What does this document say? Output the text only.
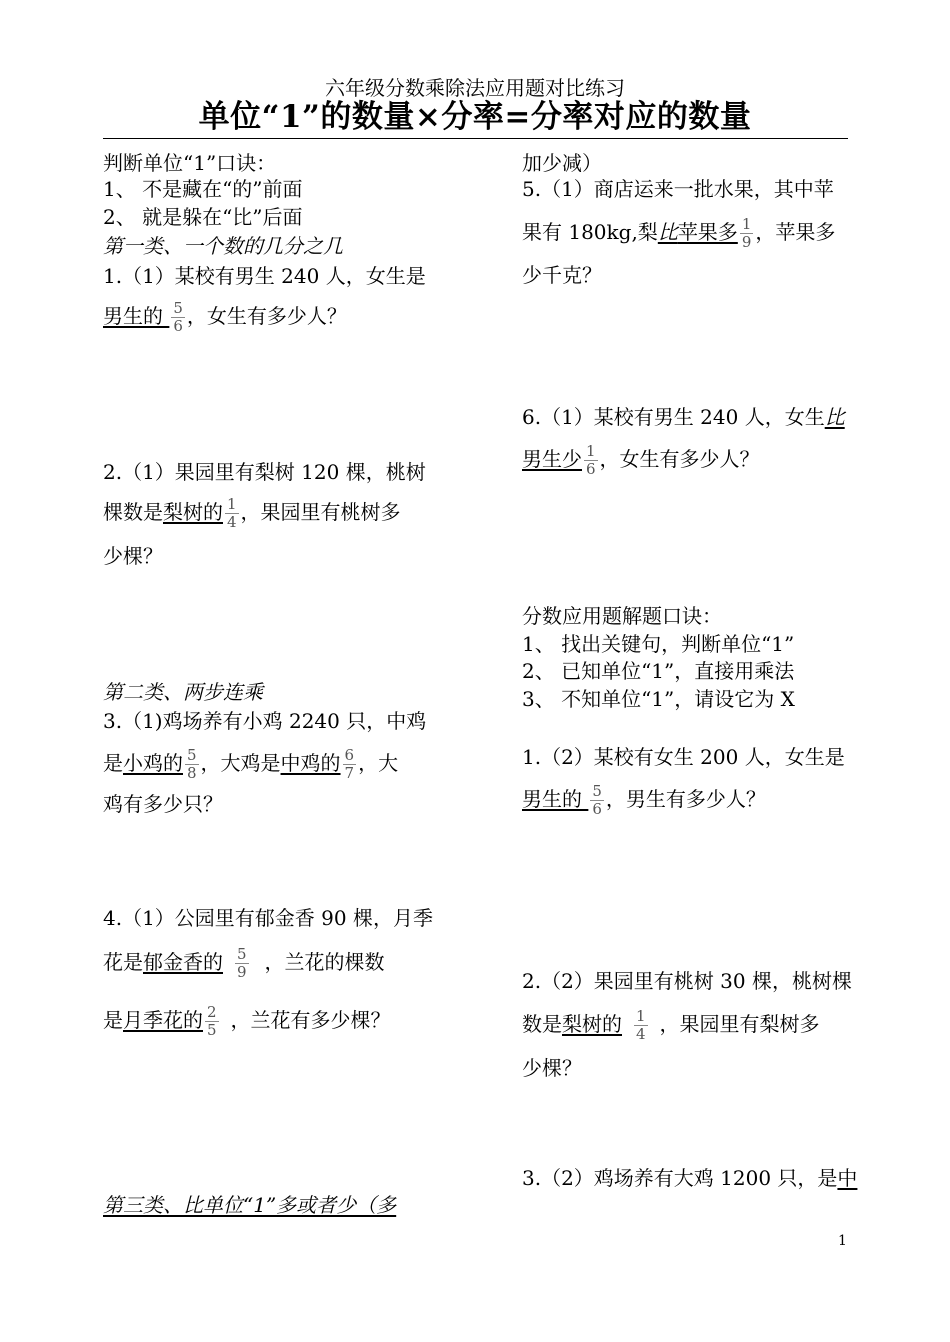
六年级分数乘除法应用题对比练习
单位“1”的数量×分率=分率对应的数量
判断单位“1”口诀：
1、 不是藏在“的”前面
2、 就是躲在“比”后面
第一类、一个数的几分之几
1.（1）某校有男生 240 人，女生是
男生的 $\frac{5}{6}$ ，女生有多少人？
2.（1）果园里有梨树 120 棵，桃树
棵数是梨树的 $\frac{1}{4}$ ，果园里有桃树多
少棵？
第二类、两步连乘
3.（1)鸡场养有小鸡 2240 只，中鸡
是小鸡的 $\frac{5}{8}$ ，大鸡是中鸡的 $\frac{6}{7}$ ，大
鸡有多少只？
4.（1）公园里有郁金香 90 棵，月季
花是郁金香的 $\frac{5}{9}$ ，兰花的棵数
是月季花的 $\frac{2}{5}$ ，兰花有多少棵？
第三类、比单位“1”多或者少（多
加少减）
5.（1）商店运来一批水果，其中苹
果有 180kg,梨比苹果多 $\frac{1}{9}$ ，苹果多
少千克？
6.（1）某校有男生 240 人，女生比
男生少 $\frac{1}{6}$ ，女生有多少人？
分数应用题解题口诀：
1、 找出关键句，判断单位“1”
2、 已知单位“1”，直接用乘法
3、 不知单位“1”，请设它为 X
1.（2）某校有女生 200 人，女生是
男生的 $\frac{5}{6}$ ，男生有多少人？
2.（2）果园里有桃树 30 棵，桃树棵
数是梨树的 $\frac{1}{4}$ ，果园里有梨树多
少棵？
3.（2）鸡场养有大鸡 1200 只，是中
1
